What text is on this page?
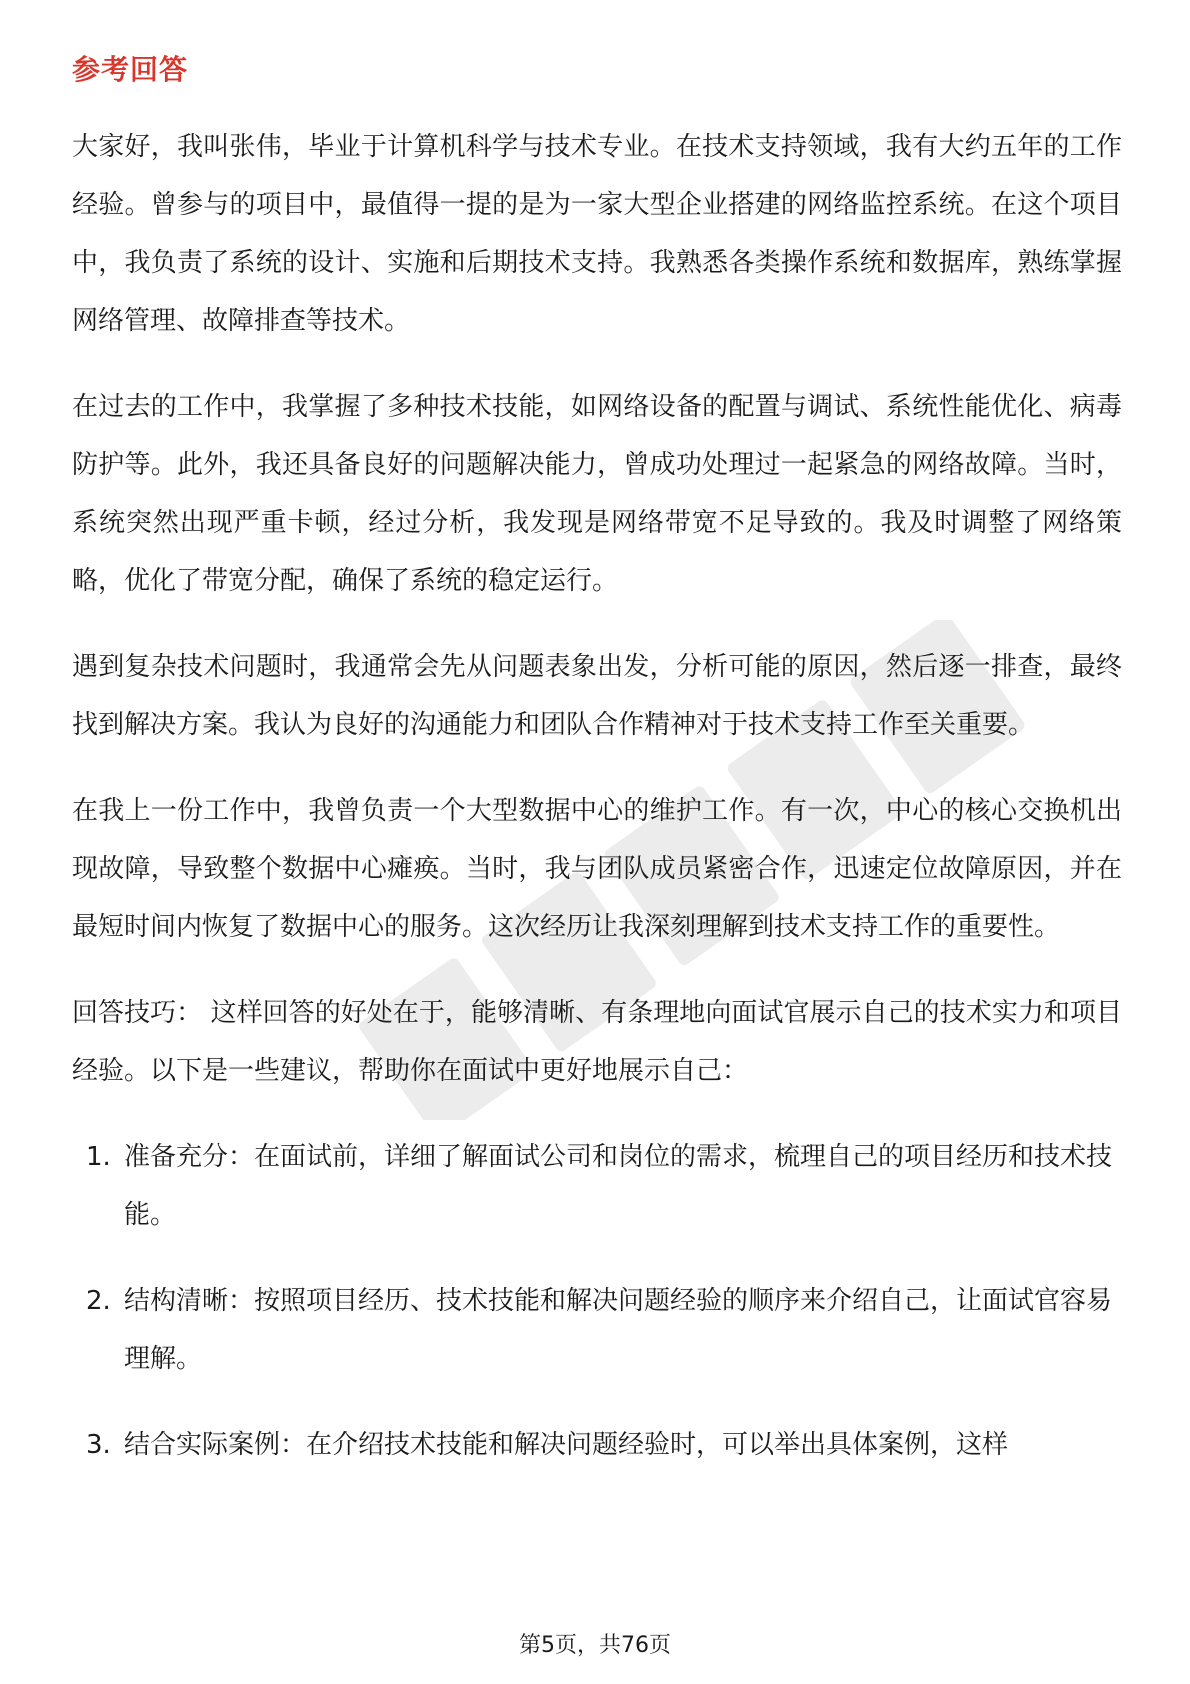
参考回答

大家好，我叫张伟，毕业于计算机科学与技术专业。在技术支持领域，我有大约五年的工作经验。曾参与的项目中，最值得一提的是为一家大型企业搭建的网络监控系统。在这个项目中，我负责了系统的设计、实施和后期技术支持。我熟悉各类操作系统和数据库，熟练掌握网络管理、故障排查等技术。

在过去的工作中，我掌握了多种技术技能，如网络设备的配置与调试、系统性能优化、病毒防护等。此外，我还具备良好的问题解决能力，曾成功处理过一起紧急的网络故障。当时，系统突然出现严重卡顿，经过分析，我发现是网络带宽不足导致的。我及时调整了网络策略，优化了带宽分配，确保了系统的稳定运行。

遇到复杂技术问题时，我通常会先从问题表象出发，分析可能的原因，然后逐一排查，最终找到解决方案。我认为良好的沟通能力和团队合作精神对于技术支持工作至关重要。

在我上一份工作中，我曾负责一个大型数据中心的维护工作。有一次，中心的核心交换机出现故障，导致整个数据中心瘫痪。当时，我与团队成员紧密合作，迅速定位故障原因，并在最短时间内恢复了数据中心的服务。这次经历让我深刻理解到技术支持工作的重要性。

回答技巧： 这样回答的好处在于，能够清晰、有条理地向面试官展示自己的技术实力和项目经验。以下是一些建议，帮助你在面试中更好地展示自己：

1. 准备充分：在面试前，详细了解面试公司和岗位的需求，梳理自己的项目经历和技术技能。
2. 结构清晰：按照项目经历、技术技能和解决问题经验的顺序来介绍自己，让面试官容易理解。
3. 结合实际案例：在介绍技术技能和解决问题经验时，可以举出具体案例，这样
第5页，共76页
